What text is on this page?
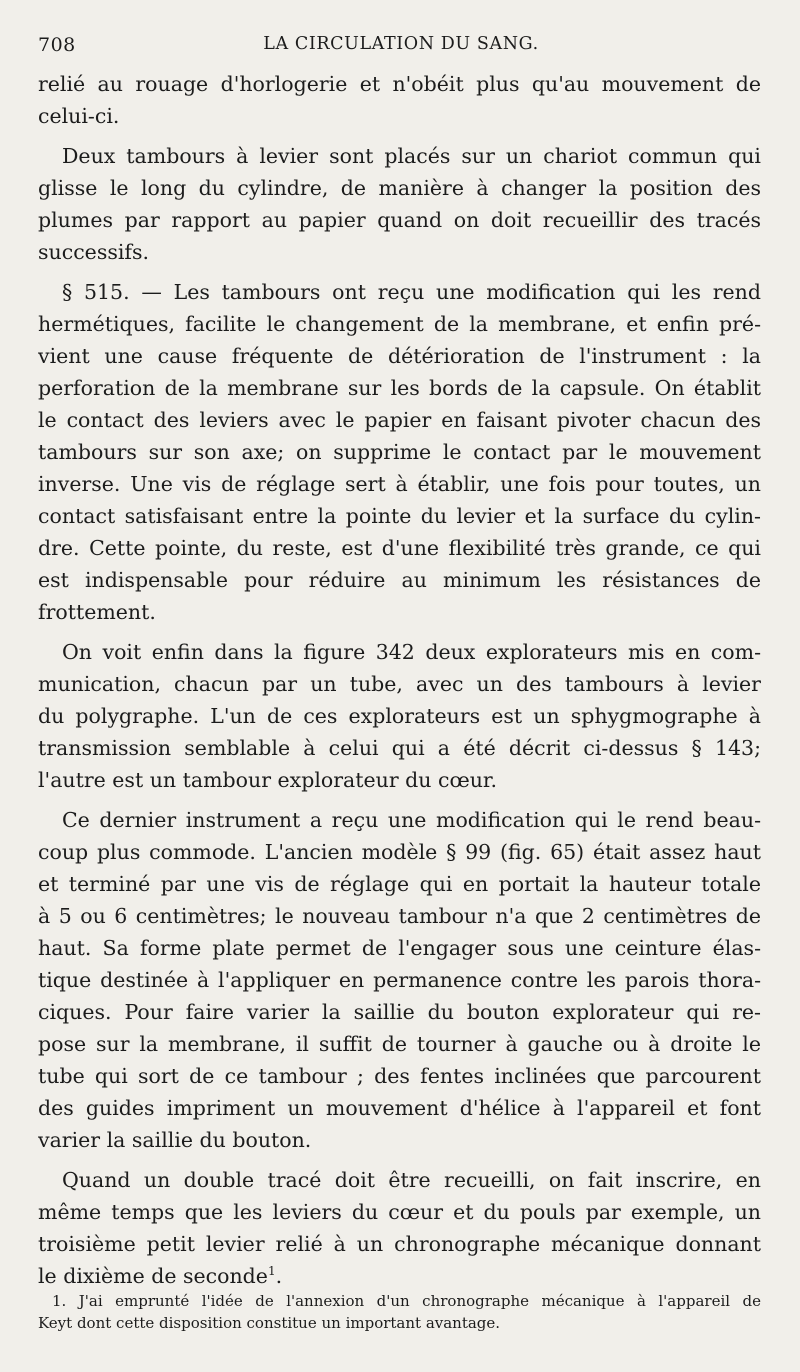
708	LA CIRCULATION DU SANG.
relié au rouage d'horlogerie et n'obéit plus qu'au mouvement de
celui-ci.
Deux tambours à levier sont placés sur un chariot commun qui
glisse le long du cylindre, de manière à changer la position des
plumes par rapport au papier quand on doit recueillir des tracés
successifs.
§ 515. — Les tambours ont reçu une modification qui les rend
hermétiques, facilite le changement de la membrane, et enfin pré-
vient une cause fréquente de détérioration de l'instrument : la
perforation de la membrane sur les bords de la capsule. On établit
le contact des leviers avec le papier en faisant pivoter chacun des
tambours sur son axe; on supprime le contact par le mouvement
inverse. Une vis de réglage sert à établir, une fois pour toutes, un
contact satisfaisant entre la pointe du levier et la surface du cylin-
dre. Cette pointe, du reste, est d'une flexibilité très grande, ce qui
est indispensable pour réduire au minimum les résistances de
frottement.
On voit enfin dans la figure 342 deux explorateurs mis en com-
munication, chacun par un tube, avec un des tambours à levier
du polygraphe. L'un de ces explorateurs est un sphygmographe à
transmission semblable à celui qui a été décrit ci-dessus § 143;
l'autre est un tambour explorateur du cœur.
Ce dernier instrument a reçu une modification qui le rend beau-
coup plus commode. L'ancien modèle § 99 (fig. 65) était assez haut
et terminé par une vis de réglage qui en portait la hauteur totale
à 5 ou 6 centimètres; le nouveau tambour n'a que 2 centimètres de
haut. Sa forme plate permet de l'engager sous une ceinture élas-
tique destinée à l'appliquer en permanence contre les parois thora-
ciques. Pour faire varier la saillie du bouton explorateur qui re-
pose sur la membrane, il suffit de tourner à gauche ou à droite le
tube qui sort de ce tambour ; des fentes inclinées que parcourent
des guides impriment un mouvement d'hélice à l'appareil et font
varier la saillie du bouton.
Quand un double tracé doit être recueilli, on fait inscrire, en
même temps que les leviers du cœur et du pouls par exemple, un
troisième petit levier relié à un chronographe mécanique donnant
le dixième de seconde$^1$.
1. J'ai emprunté l'idée de l'annexion d'un chronographe mécanique à l'appareil de
Keyt dont cette disposition constitue un important avantage.
